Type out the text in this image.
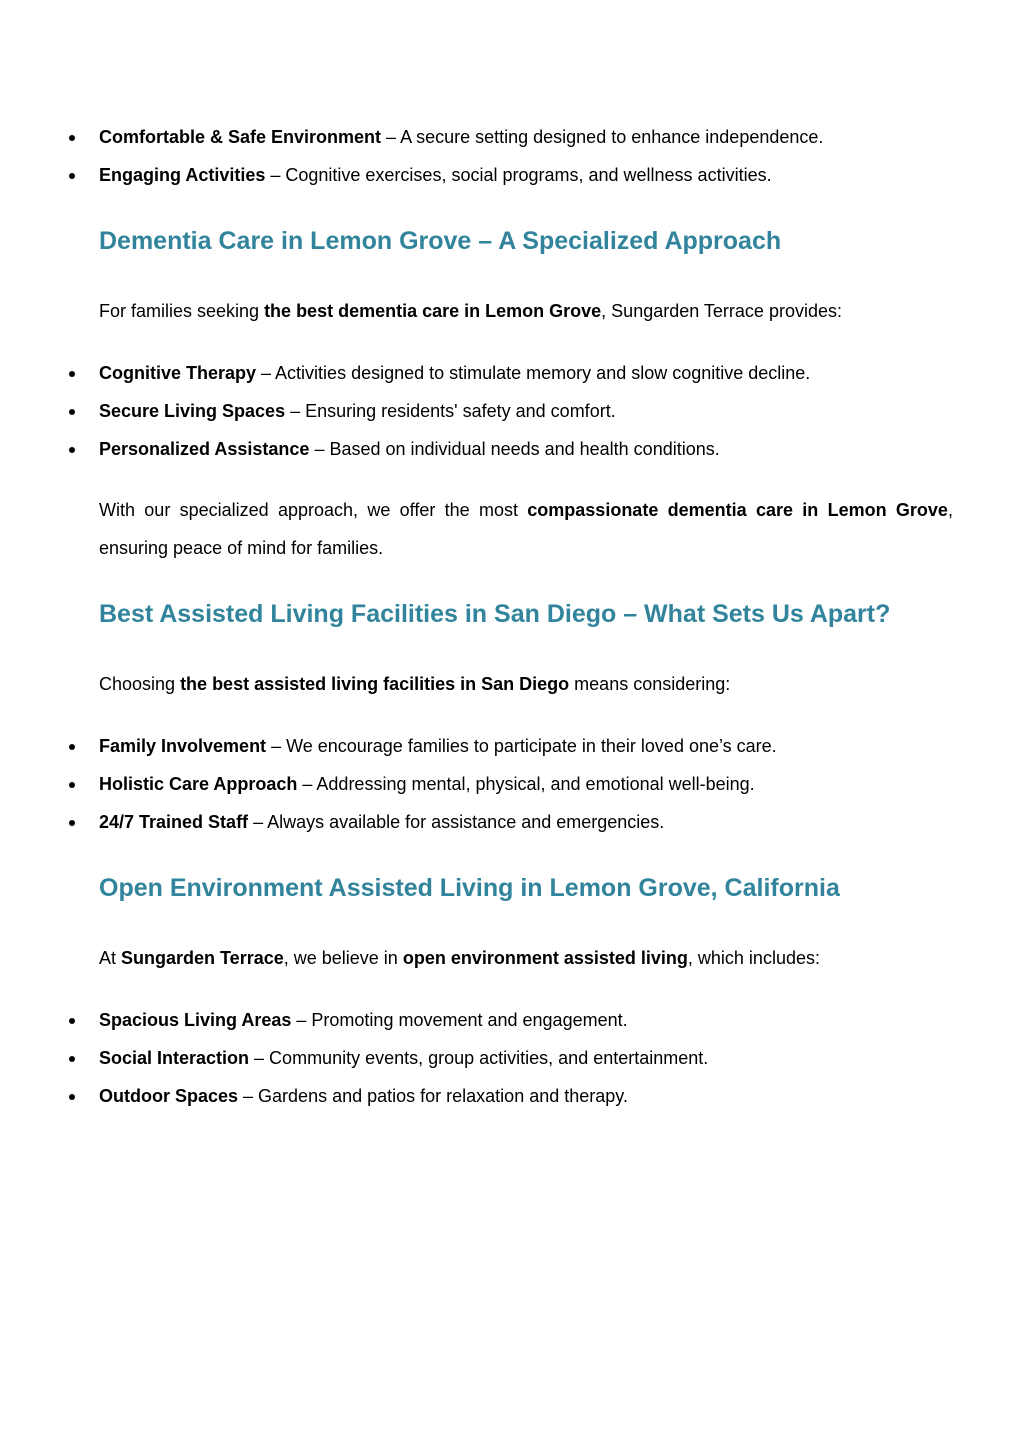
Comfortable & Safe Environment – A secure setting designed to enhance independence.
Engaging Activities – Cognitive exercises, social programs, and wellness activities.
Dementia Care in Lemon Grove – A Specialized Approach

For families seeking the best dementia care in Lemon Grove, Sungarden Terrace provides:

Cognitive Therapy – Activities designed to stimulate memory and slow cognitive decline.
Secure Living Spaces – Ensuring residents' safety and comfort.
Personalized Assistance – Based on individual needs and health conditions.

With our specialized approach, we offer the most compassionate dementia care in Lemon Grove,
ensuring peace of mind for families.

Best Assisted Living Facilities in San Diego – What Sets Us Apart?

Choosing the best assisted living facilities in San Diego means considering:

Family Involvement – We encourage families to participate in their loved one’s care.
Holistic Care Approach – Addressing mental, physical, and emotional well-being.
24/7 Trained Staff – Always available for assistance and emergencies.
Open Environment Assisted Living in Lemon Grove, California

At Sungarden Terrace, we believe in open environment assisted living, which includes:

Spacious Living Areas – Promoting movement and engagement.
Social Interaction – Community events, group activities, and entertainment.
Outdoor Spaces – Gardens and patios for relaxation and therapy.
